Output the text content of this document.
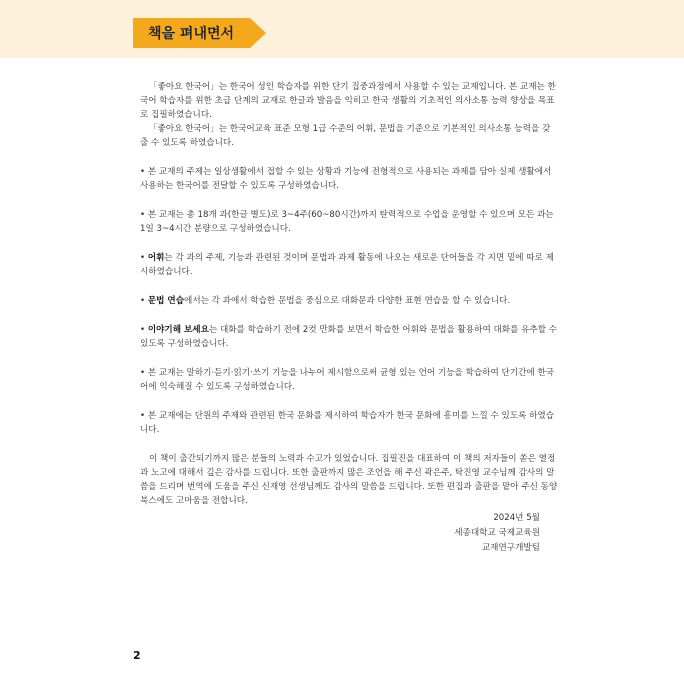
책을 펴내면서

「좋아요 한국어」는 한국어 성인 학습자를 위한 단기 집중과정에서 사용할 수 있는 교재입니다. 본 교재는 한국어 학습자를 위한 초급 단계의 교재로 한글과 발음을 익히고 한국 생활의 기초적인 의사소통 능력 향상을 목표로 집필하였습니다.

「좋아요 한국어」는 한국어교육 표준 모형 1급 수준의 어휘, 문법을 기준으로 기본적인 의사소통 능력을 갖출 수 있도록 하였습니다.

• 본 교재의 주제는 일상생활에서 접할 수 있는 상황과 기능에 전형적으로 사용되는 과제를 담아 실제 생활에서 사용하는 한국어를 전달할 수 있도록 구성하였습니다.

• 본 교재는 총 18개 과(한글 별도)로 3~4주(60~80시간)까지 탄력적으로 수업을 운영할 수 있으며 모든 과는 1일 3~4시간 분량으로 구성하였습니다.

• 어휘는 각 과의 주제, 기능과 관련된 것이며 문법과 과제 활동에 나오는 새로운 단어들을 각 지면 밑에 따로 제시하였습니다.

• 문법 연습에서는 각 과에서 학습한 문법을 중심으로 대화문과 다양한 표현 연습을 할 수 있습니다.

• 이야기해 보세요는 대화를 학습하기 전에 2컷 만화를 보면서 학습한 어휘와 문법을 활용하여 대화를 유추할 수 있도록 구성하였습니다.

• 본 교재는 말하기·듣기·읽기·쓰기 기능을 나누어 제시함으로써 균형 있는 언어 기능을 학습하여 단기간에 한국어에 익숙해질 수 있도록 구성하였습니다.

• 본 교재에는 단원의 주제와 관련된 한국 문화를 제시하여 학습자가 한국 문화에 흥미를 느낄 수 있도록 하였습니다.

이 책이 출간되기까지 많은 분들의 노력과 수고가 있었습니다. 집필진을 대표하여 이 책의 저자들이 쏟은 열정과 노고에 대해서 깊은 감사를 드립니다. 또한 출판까지 많은 조언을 해 주신 곽은주, 탁진영 교수님께 감사의 말씀을 드리며 번역에 도움을 주신 신재영 선생님께도 감사의 말씀을 드립니다. 또한 편집과 출판을 맡아 주신 동양북스에도 고마움을 전합니다.

2024년 5월
세종대학교 국제교육원
교재연구개발팀
2
